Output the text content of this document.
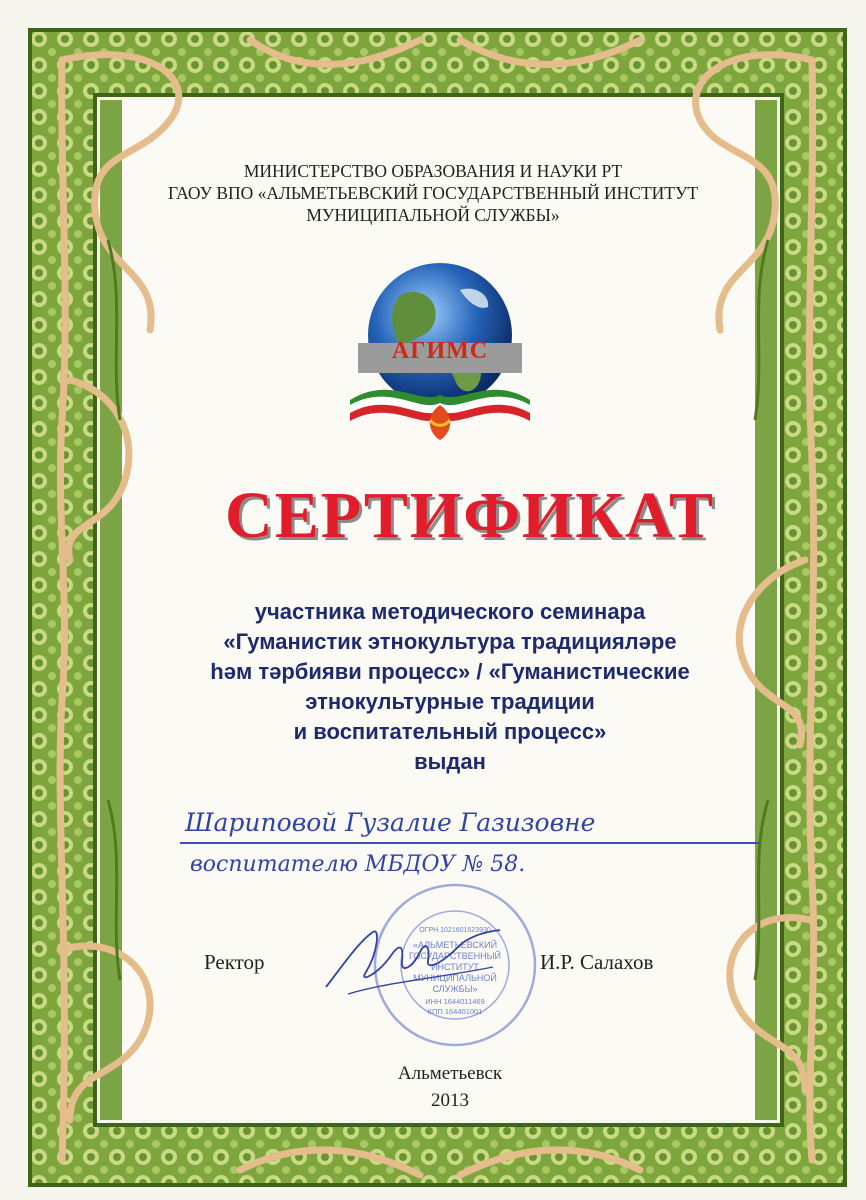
МИНИСТЕРСТВО ОБРАЗОВАНИЯ И НАУКИ РТ
ГАОУ ВПО «АЛЬМЕТЬЕВСКИЙ ГОСУДАРСТВЕННЫЙ ИНСТИТУТ
МУНИЦИПАЛЬНОЙ СЛУЖБЫ»
АГИМС
СЕРТИФИКАТ
участника методического семинара
«Гуманистик этнокультура традицияләре
һәм тәрбияви процесс» / «Гуманистические
этнокультурные традиции
и воспитательный процесс»
выдан
Шариповой Гузалие Газизовне
воспитателю МБДОУ № 58.
Ректор	И.Р. Салахов
ОГРН 1021601623930
«АЛЬМЕТЬЕВСКИЙ
ГОСУДАРСТВЕННЫЙ
ИНСТИТУТ
МУНИЦИПАЛЬНОЙ
СЛУЖБЫ»
ИНН 1644011469
КПП 164401001
Альметьевск
2013
